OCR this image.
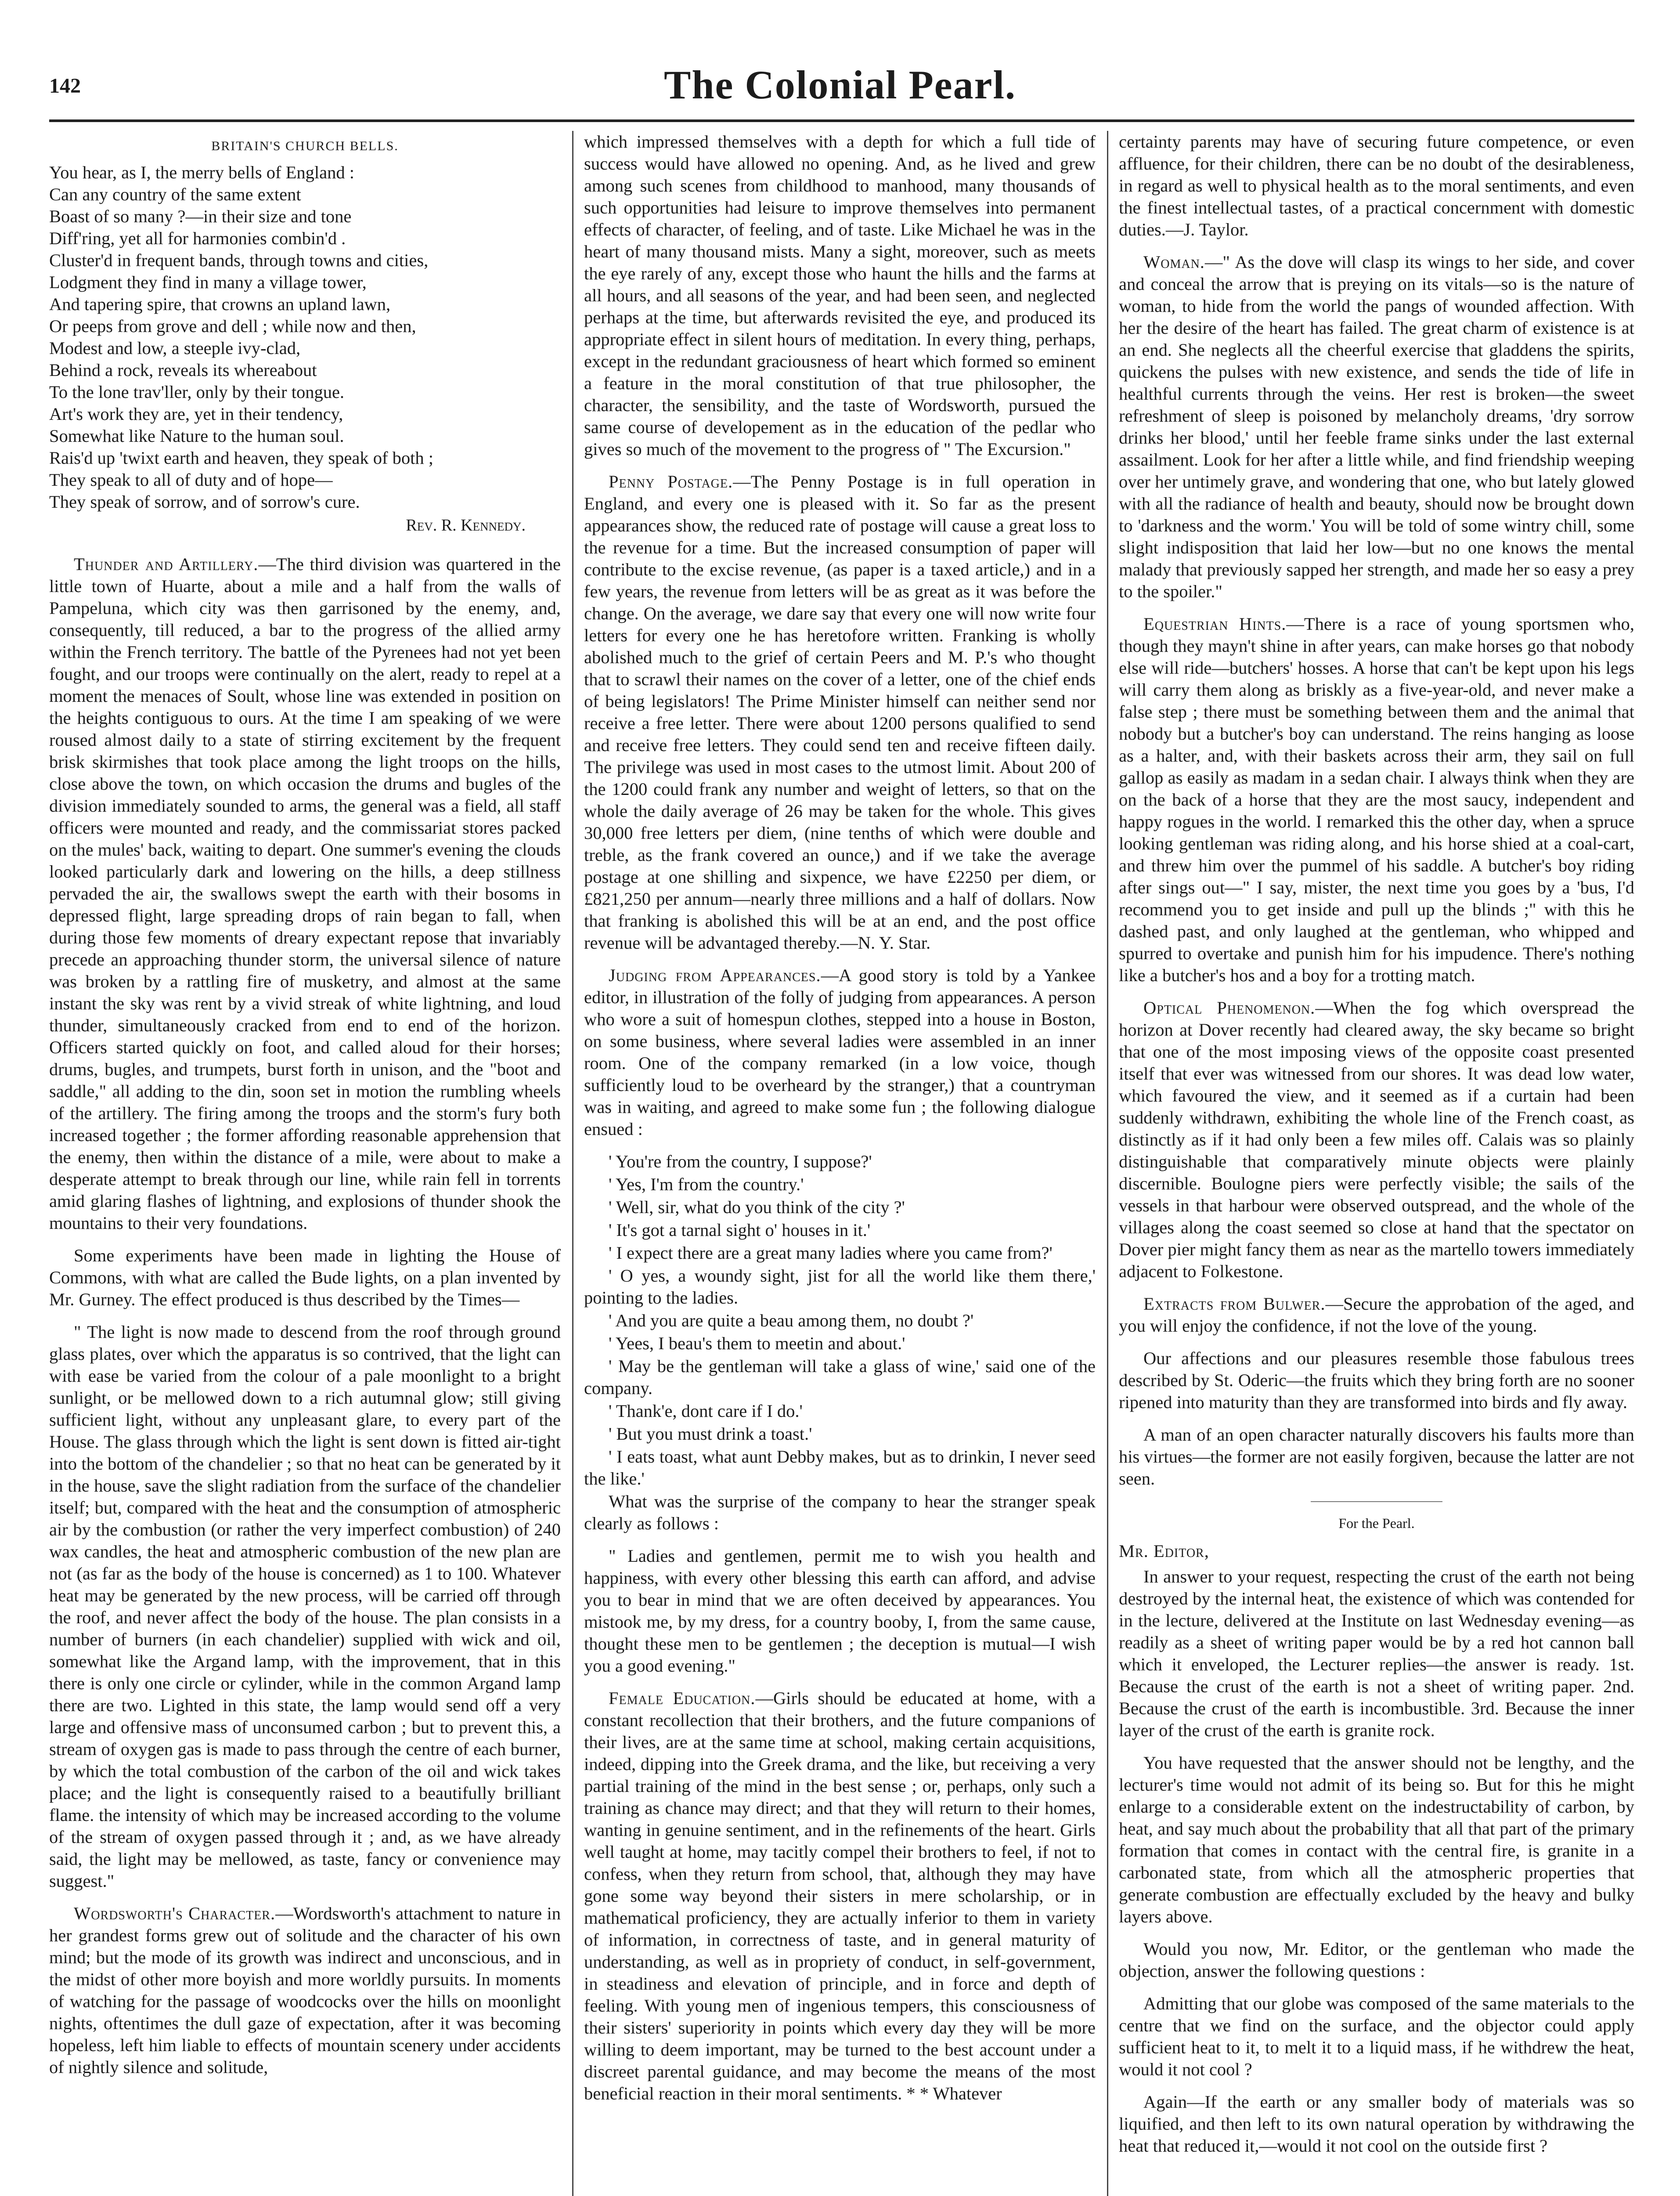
142	The Colonial Pearl.
BRITAIN'S CHURCH BELLS.
You hear, as I, the merry bells of England :
Can any country of the same extent
Boast of so many ?—in their size and tone
Diff'ring, yet all for harmonies combin'd .
Cluster'd in frequent bands, through towns and cities,
Lodgment they find in many a village tower,
And tapering spire, that crowns an upland lawn,
Or peeps from grove and dell ; while now and then,
Modest and low, a steeple ivy-clad,
Behind a rock, reveals its whereabout
To the lone trav'ller, only by their tongue.
Art's work they are, yet in their tendency,
Somewhat like Nature to the human soul.
Rais'd up 'twixt earth and heaven, they speak of both ;
They speak to all of duty and of hope—
They speak of sorrow, and of sorrow's cure.
Rev. R. Kennedy.

Thunder and Artillery.—The third division was quartered in the little town of Huarte, about a mile and a half from the walls of Pampeluna, which city was then garrisoned by the enemy, and, consequently, till reduced, a bar to the progress of the allied army within the French territory. The battle of the Pyrenees had not yet been fought, and our troops were continually on the alert, ready to repel at a moment the menaces of Soult, whose line was extended in position on the heights contiguous to ours. At the time I am speaking of we were roused almost daily to a state of stirring excitement by the frequent brisk skirmishes that took place among the light troops on the hills, close above the town, on which occasion the drums and bugles of the division immediately sounded to arms, the general was a field, all staff officers were mounted and ready, and the commissariat stores packed on the mules' back, waiting to depart. One summer's evening the clouds looked particularly dark and lowering on the hills, a deep stillness pervaded the air, the swallows swept the earth with their bosoms in depressed flight, large spreading drops of rain began to fall, when during those few moments of dreary expectant repose that invariably precede an approaching thunder storm, the universal silence of nature was broken by a rattling fire of musketry, and almost at the same instant the sky was rent by a vivid streak of white lightning, and loud thunder, simultaneously cracked from end to end of the horizon. Officers started quickly on foot, and called aloud for their horses; drums, bugles, and trumpets, burst forth in unison, and the "boot and saddle," all adding to the din, soon set in motion the rumbling wheels of the artillery. The firing among the troops and the storm's fury both increased together ; the former affording reasonable apprehension that the enemy, then within the distance of a mile, were about to make a desperate attempt to break through our line, while rain fell in torrents amid glaring flashes of lightning, and explosions of thunder shook the mountains to their very foundations.

Some experiments have been made in lighting the House of Commons, with what are called the Bude lights, on a plan invented by Mr. Gurney. The effect produced is thus described by the Times—

" The light is now made to descend from the roof through ground glass plates, over which the apparatus is so contrived, that the light can with ease be varied from the colour of a pale moonlight to a bright sunlight, or be mellowed down to a rich autumnal glow; still giving sufficient light, without any unpleasant glare, to every part of the House. The glass through which the light is sent down is fitted air-tight into the bottom of the chandelier ; so that no heat can be generated by it in the house, save the slight radiation from the surface of the chandelier itself; but, compared with the heat and the consumption of atmospheric air by the combustion (or rather the very imperfect combustion) of 240 wax candles, the heat and atmospheric combustion of the new plan are not (as far as the body of the house is concerned) as 1 to 100. Whatever heat may be generated by the new process, will be carried off through the roof, and never affect the body of the house. The plan consists in a number of burners (in each chandelier) supplied with wick and oil, somewhat like the Argand lamp, with the improvement, that in this there is only one circle or cylinder, while in the common Argand lamp there are two. Lighted in this state, the lamp would send off a very large and offensive mass of unconsumed carbon ; but to prevent this, a stream of oxygen gas is made to pass through the centre of each burner, by which the total combustion of the carbon of the oil and wick takes place; and the light is consequently raised to a beautifully brilliant flame. the intensity of which may be increased according to the volume of the stream of oxygen passed through it ; and, as we have already said, the light may be mellowed, as taste, fancy or convenience may suggest."

Wordsworth's Character.—Wordsworth's attachment to nature in her grandest forms grew out of solitude and the character of his own mind; but the mode of its growth was indirect and unconscious, and in the midst of other more boyish and more worldly pursuits. In moments of watching for the passage of woodcocks over the hills on moonlight nights, oftentimes the dull gaze of expectation, after it was becoming hopeless, left him liable to effects of mountain scenery under accidents of nightly silence and solitude,

which impressed themselves with a depth for which a full tide of success would have allowed no opening. And, as he lived and grew among such scenes from childhood to manhood, many thousands of such opportunities had leisure to improve themselves into permanent effects of character, of feeling, and of taste. Like Michael he was in the heart of many thousand mists. Many a sight, moreover, such as meets the eye rarely of any, except those who haunt the hills and the farms at all hours, and all seasons of the year, and had been seen, and neglected perhaps at the time, but afterwards revisited the eye, and produced its appropriate effect in silent hours of meditation. In every thing, perhaps, except in the redundant graciousness of heart which formed so eminent a feature in the moral constitution of that true philosopher, the character, the sensibility, and the taste of Wordsworth, pursued the same course of developement as in the education of the pedlar who gives so much of the movement to the progress of " The Excursion."

Penny Postage.—The Penny Postage is in full operation in England, and every one is pleased with it. So far as the present appearances show, the reduced rate of postage will cause a great loss to the revenue for a time. But the increased consumption of paper will contribute to the excise revenue, (as paper is a taxed article,) and in a few years, the revenue from letters will be as great as it was before the change. On the average, we dare say that every one will now write four letters for every one he has heretofore written. Franking is wholly abolished much to the grief of certain Peers and M. P.'s who thought that to scrawl their names on the cover of a letter, one of the chief ends of being legislators! The Prime Minister himself can neither send nor receive a free letter. There were about 1200 persons qualified to send and receive free letters. They could send ten and receive fifteen daily. The privilege was used in most cases to the utmost limit. About 200 of the 1200 could frank any number and weight of letters, so that on the whole the daily average of 26 may be taken for the whole. This gives 30,000 free letters per diem, (nine tenths of which were double and treble, as the frank covered an ounce,) and if we take the average postage at one shilling and sixpence, we have £2250 per diem, or £821,250 per annum—nearly three millions and a half of dollars. Now that franking is abolished this will be at an end, and the post office revenue will be advantaged thereby.—N. Y. Star.

Judging from Appearances.—A good story is told by a Yankee editor, in illustration of the folly of judging from appearances. A person who wore a suit of homespun clothes, stepped into a house in Boston, on some business, where several ladies were assembled in an inner room. One of the company remarked (in a low voice, though sufficiently loud to be overheard by the stranger,) that a countryman was in waiting, and agreed to make some fun ; the following dialogue ensued :

' You're from the country, I suppose?'

' Yes, I'm from the country.'

' Well, sir, what do you think of the city ?'

' It's got a tarnal sight o' houses in it.'

' I expect there are a great many ladies where you came from?'

' O yes, a woundy sight, jist for all the world like them there,' pointing to the ladies.

' And you are quite a beau among them, no doubt ?'

' Yees, I beau's them to meetin and about.'

' May be the gentleman will take a glass of wine,' said one of the company.

' Thank'e, dont care if I do.'

' But you must drink a toast.'

' I eats toast, what aunt Debby makes, but as to drinkin, I never seed the like.'

What was the surprise of the company to hear the stranger speak clearly as follows :

" Ladies and gentlemen, permit me to wish you health and happiness, with every other blessing this earth can afford, and advise you to bear in mind that we are often deceived by appearances. You mistook me, by my dress, for a country booby, I, from the same cause, thought these men to be gentlemen ; the deception is mutual—I wish you a good evening."

Female Education.—Girls should be educated at home, with a constant recollection that their brothers, and the future companions of their lives, are at the same time at school, making certain acquisitions, indeed, dipping into the Greek drama, and the like, but receiving a very partial training of the mind in the best sense ; or, perhaps, only such a training as chance may direct; and that they will return to their homes, wanting in genuine sentiment, and in the refinements of the heart. Girls well taught at home, may tacitly compel their brothers to feel, if not to confess, when they return from school, that, although they may have gone some way beyond their sisters in mere scholarship, or in mathematical proficiency, they are actually inferior to them in variety of information, in correctness of taste, and in general maturity of understanding, as well as in propriety of conduct, in self-government, in steadiness and elevation of principle, and in force and depth of feeling. With young men of ingenious tempers, this consciousness of their sisters' superiority in points which every day they will be more willing to deem important, may be turned to the best account under a discreet parental guidance, and may become the means of the most beneficial reaction in their moral sentiments. * * Whatever

certainty parents may have of securing future competence, or even affluence, for their children, there can be no doubt of the desirableness, in regard as well to physical health as to the moral sentiments, and even the finest intellectual tastes, of a practical concernment with domestic duties.—J. Taylor.

Woman.—" As the dove will clasp its wings to her side, and cover and conceal the arrow that is preying on its vitals—so is the nature of woman, to hide from the world the pangs of wounded affection. With her the desire of the heart has failed. The great charm of existence is at an end. She neglects all the cheerful exercise that gladdens the spirits, quickens the pulses with new existence, and sends the tide of life in healthful currents through the veins. Her rest is broken—the sweet refreshment of sleep is poisoned by melancholy dreams, 'dry sorrow drinks her blood,' until her feeble frame sinks under the last external assailment. Look for her after a little while, and find friendship weeping over her untimely grave, and wondering that one, who but lately glowed with all the radiance of health and beauty, should now be brought down to 'darkness and the worm.' You will be told of some wintry chill, some slight indisposition that laid her low—but no one knows the mental malady that previously sapped her strength, and made her so easy a prey to the spoiler."

Equestrian Hints.—There is a race of young sportsmen who, though they mayn't shine in after years, can make horses go that nobody else will ride—butchers' hosses. A horse that can't be kept upon his legs will carry them along as briskly as a five-year-old, and never make a false step ; there must be something between them and the animal that nobody but a butcher's boy can understand. The reins hanging as loose as a halter, and, with their baskets across their arm, they sail on full gallop as easily as madam in a sedan chair. I always think when they are on the back of a horse that they are the most saucy, independent and happy rogues in the world. I remarked this the other day, when a spruce looking gentleman was riding along, and his horse shied at a coal-cart, and threw him over the pummel of his saddle. A butcher's boy riding after sings out—" I say, mister, the next time you goes by a 'bus, I'd recommend you to get inside and pull up the blinds ;" with this he dashed past, and only laughed at the gentleman, who whipped and spurred to overtake and punish him for his impudence. There's nothing like a butcher's hos and a boy for a trotting match.

Optical Phenomenon.—When the fog which overspread the horizon at Dover recently had cleared away, the sky became so bright that one of the most imposing views of the opposite coast presented itself that ever was witnessed from our shores. It was dead low water, which favoured the view, and it seemed as if a curtain had been suddenly withdrawn, exhibiting the whole line of the French coast, as distinctly as if it had only been a few miles off. Calais was so plainly distinguishable that comparatively minute objects were plainly discernible. Boulogne piers were perfectly visible; the sails of the vessels in that harbour were observed outspread, and the whole of the villages along the coast seemed so close at hand that the spectator on Dover pier might fancy them as near as the martello towers immediately adjacent to Folkestone.

Extracts from Bulwer.—Secure the approbation of the aged, and you will enjoy the confidence, if not the love of the young.

Our affections and our pleasures resemble those fabulous trees described by St. Oderic—the fruits which they bring forth are no sooner ripened into maturity than they are transformed into birds and fly away.

A man of an open character naturally discovers his faults more than his virtues—the former are not easily forgiven, because the latter are not seen.

For the Pearl.

Mr. Editor,

In answer to your request, respecting the crust of the earth not being destroyed by the internal heat, the existence of which was contended for in the lecture, delivered at the Institute on last Wednesday evening—as readily as a sheet of writing paper would be by a red hot cannon ball which it enveloped, the Lecturer replies—the answer is ready. 1st. Because the crust of the earth is not a sheet of writing paper. 2nd. Because the crust of the earth is incombustible. 3rd. Because the inner layer of the crust of the earth is granite rock.

You have requested that the answer should not be lengthy, and the lecturer's time would not admit of its being so. But for this he might enlarge to a considerable extent on the indestructability of carbon, by heat, and say much about the probability that all that part of the primary formation that comes in contact with the central fire, is granite in a carbonated state, from which all the atmospheric properties that generate combustion are effectually excluded by the heavy and bulky layers above.

Would you now, Mr. Editor, or the gentleman who made the objection, answer the following questions :

Admitting that our globe was composed of the same materials to the centre that we find on the surface, and the objector could apply sufficient heat to it, to melt it to a liquid mass, if he withdrew the heat, would it not cool ?

Again—If the earth or any smaller body of materials was so liquified, and then left to its own natural operation by withdrawing the heat that reduced it,—would it not cool on the outside first ?
